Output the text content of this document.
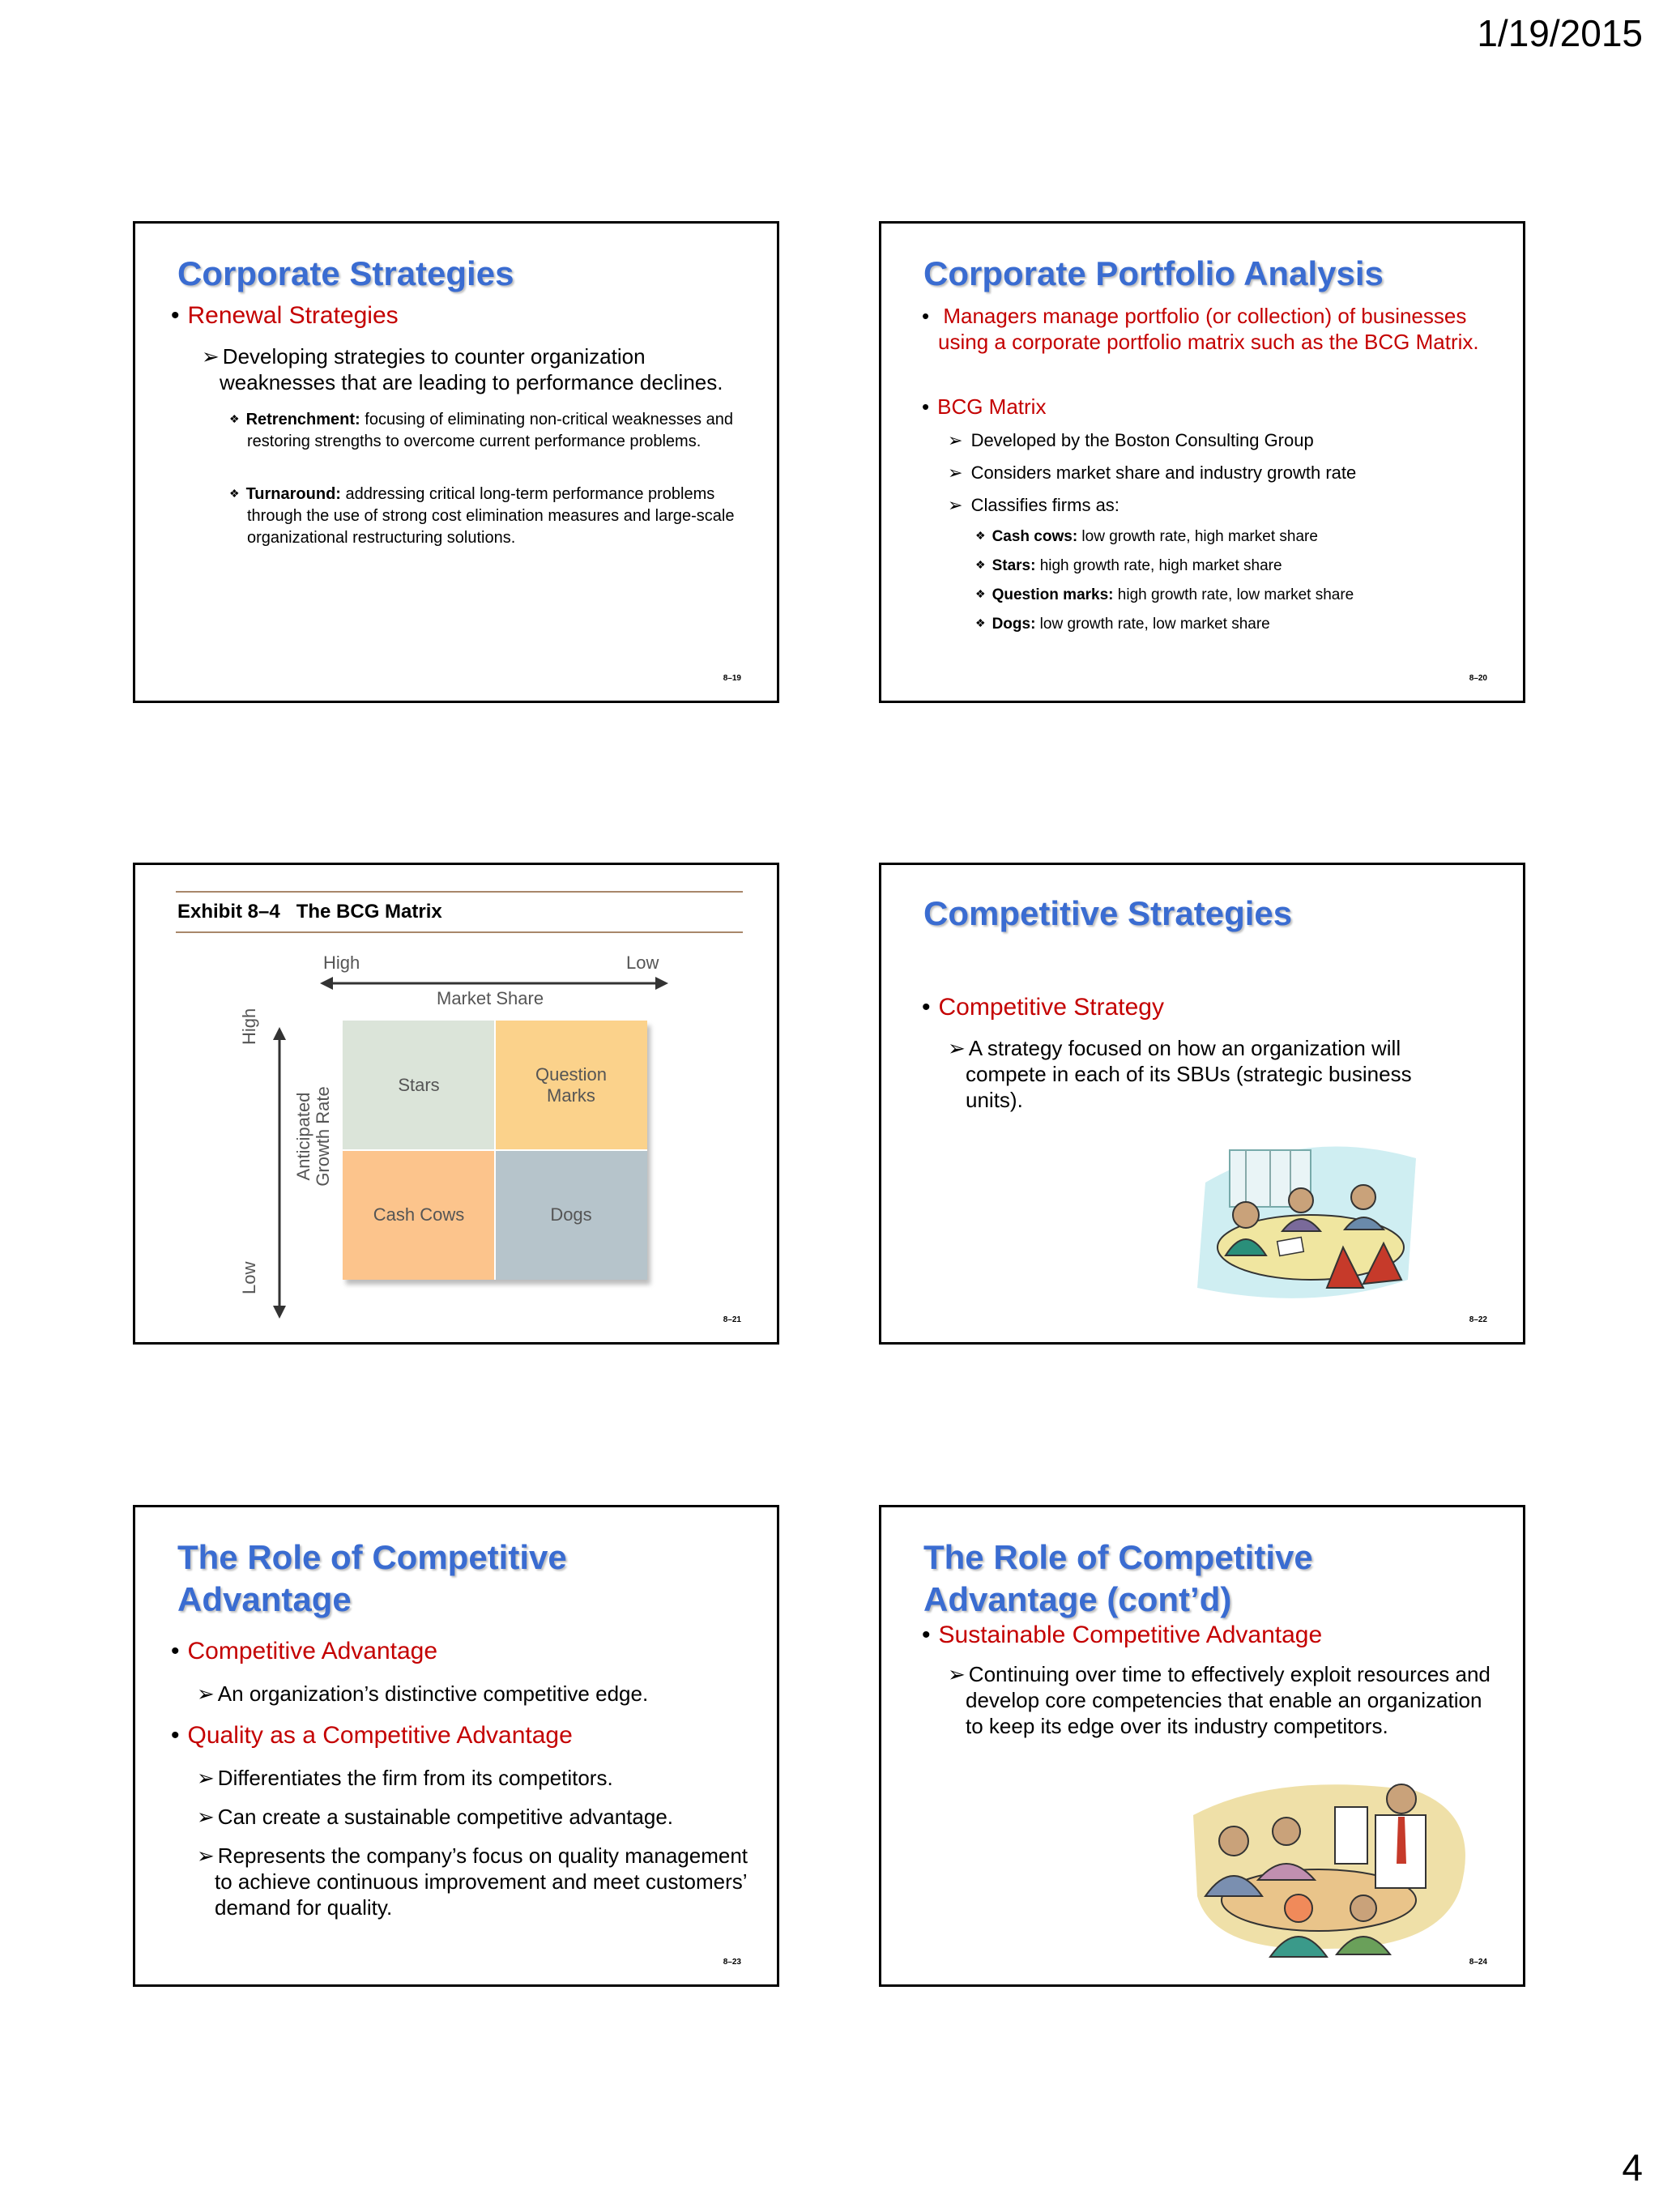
1/19/2015
Corporate Strategies
• Renewal Strategies
➢ Developing strategies to counter organization weaknesses that are leading to performance declines.
❖ Retrenchment: focusing of eliminating non-critical weaknesses and restoring strengths to overcome current performance problems.
❖ Turnaround: addressing critical long-term performance problems through the use of strong cost elimination measures and large-scale organizational restructuring solutions.
8–19
Corporate Portfolio Analysis
• Managers manage portfolio (or collection) of businesses using a corporate portfolio matrix such as the BCG Matrix.
• BCG Matrix
➢ Developed by the Boston Consulting Group
➢ Considers market share and industry growth rate
➢ Classifies firms as:
❖ Cash cows: low growth rate, high market share
❖ Stars: high growth rate, high market share
❖ Question marks: high growth rate, low market share
❖ Dogs: low growth rate, low market share
8–20
Exhibit 8–4   The BCG Matrix
High	Low
Market Share
High
Low
Anticipated Growth Rate
Stars
Question Marks
Cash Cows	Dogs
8–21
Competitive Strategies
• Competitive Strategy
➢ A strategy focused on how an organization will compete in each of its SBUs (strategic business units).
8–22
The Role of Competitive
Advantage
• Competitive Advantage
➢ An organization’s distinctive competitive edge.
• Quality as a Competitive Advantage
➢ Differentiates the firm from its competitors.
➢ Can create a sustainable competitive advantage.
➢ Represents the company’s focus on quality management to achieve continuous improvement and meet customers’ demand for quality.
8–23
The Role of Competitive
Advantage (cont’d)
• Sustainable Competitive Advantage
➢ Continuing over time to effectively exploit resources and develop core competencies that enable an organization to keep its edge over its industry competitors.
8–24
4
